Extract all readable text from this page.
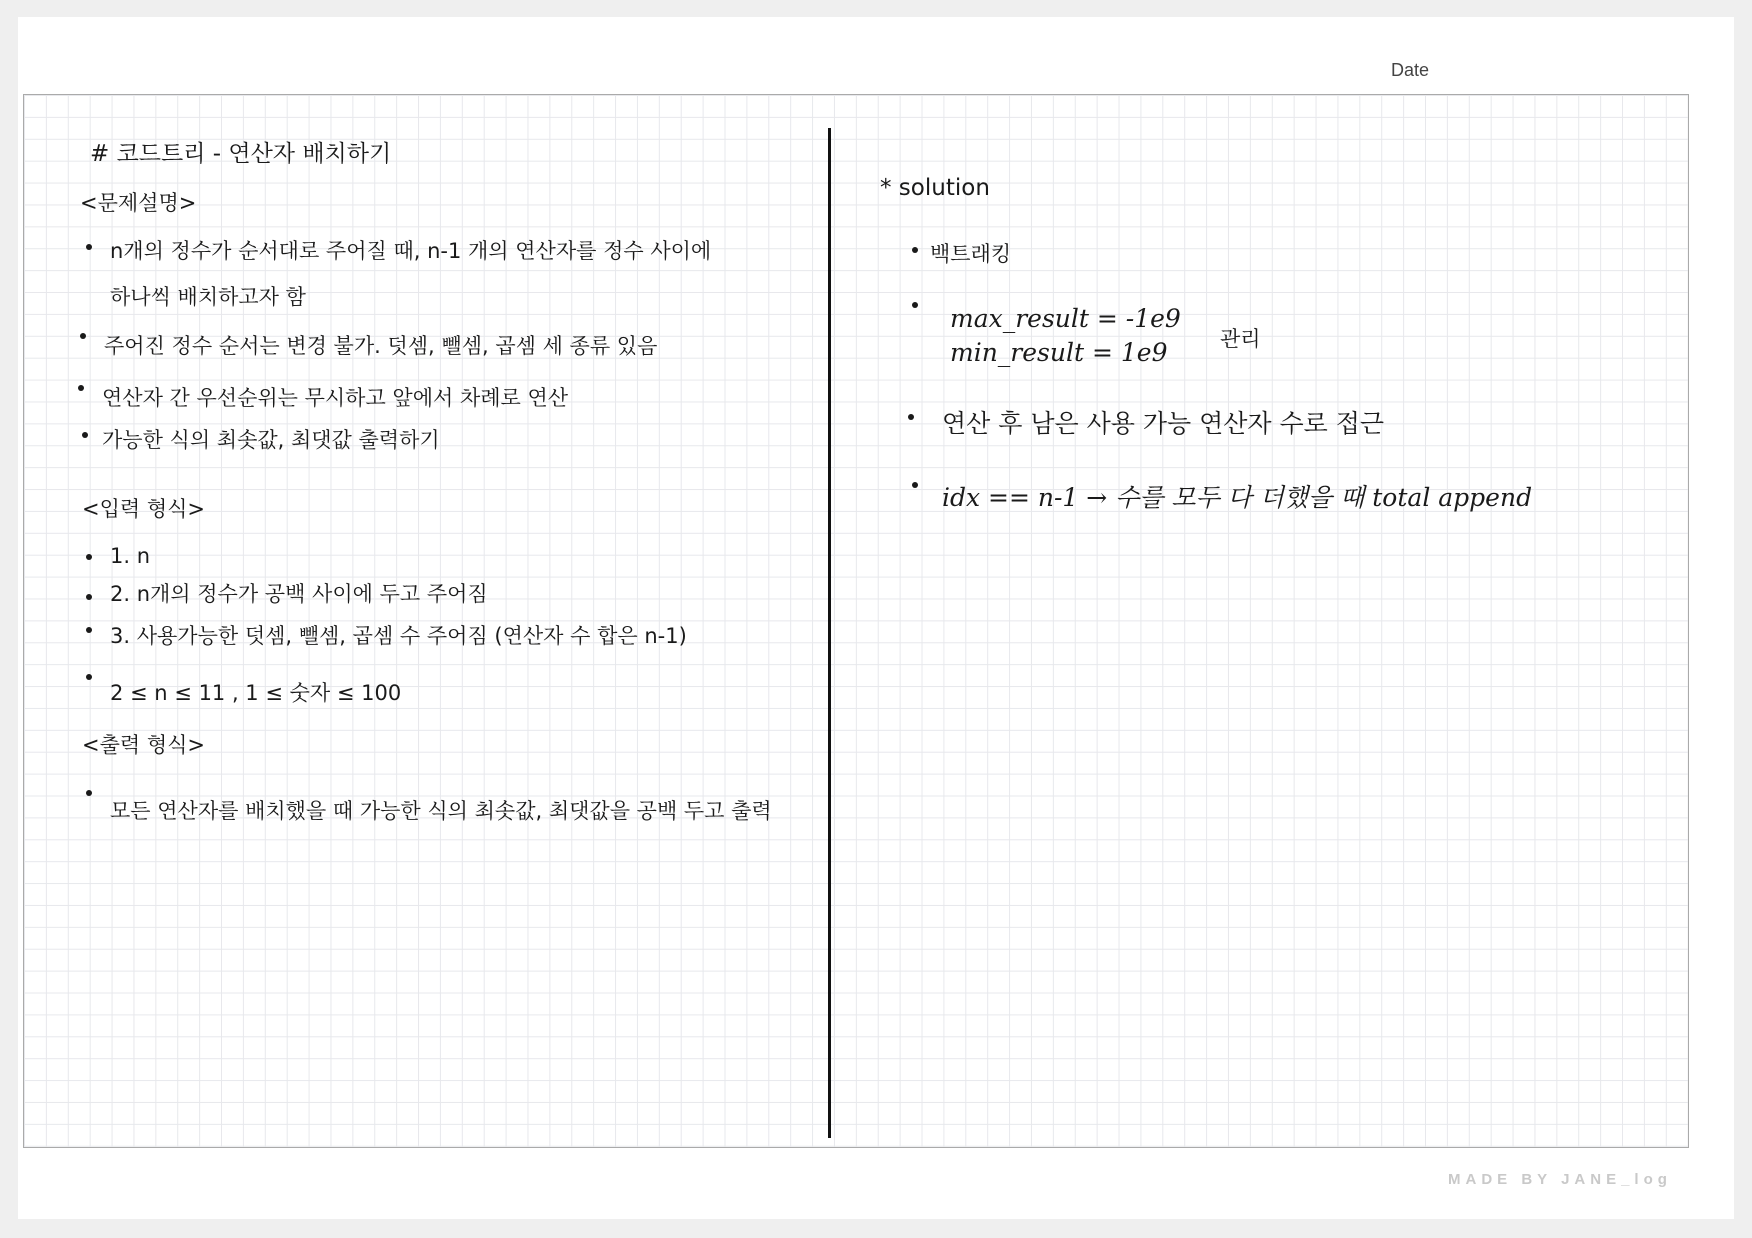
Date
# 코드트리 - 연산자 배치하기
<문제설명>
n개의 정수가 순서대로 주어질 때, n-1 개의 연산자를 정수 사이에
하나씩 배치하고자 함
주어진 정수 순서는 변경 불가. 덧셈, 뺄셈, 곱셈 세 종류 있음
연산자 간 우선순위는 무시하고 앞에서 차례로 연산
가능한 식의 최솟값, 최댓값 출력하기
<입력 형식>
1. n
2. n개의 정수가 공백 사이에 두고 주어짐
3. 사용가능한 덧셈, 뺄셈, 곱셈 수 주어짐 (연산자 수 합은 n-1)
2 ≤ n ≤ 11 , 1 ≤ 숫자 ≤ 100
<출력 형식>
모든 연산자를 배치했을 때 가능한 식의 최솟값, 최댓값을 공백 두고 출력
* solution
백트래킹
max_result = -1e9
min_result = 1e9	관리
연산 후 남은 사용 가능 연산자 수로 접근
idx == n-1 → 수를 모두 다 더했을 때 total append
MADE BY JANE_log
